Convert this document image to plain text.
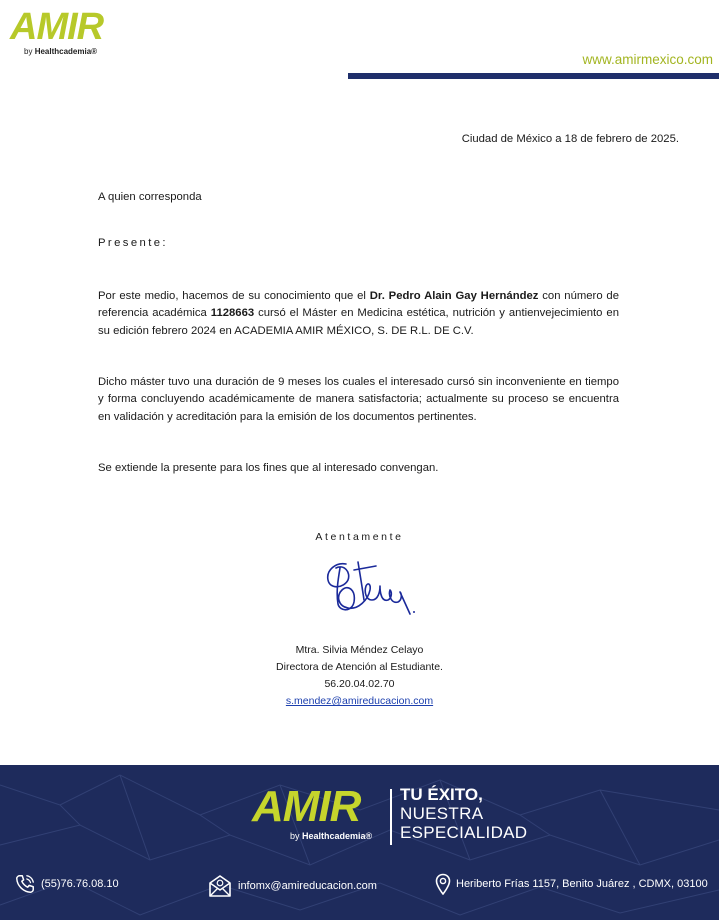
AMIR
by Healthcademia®
www.amirmexico.com
Ciudad de México a 18 de febrero de 2025.
A quien corresponda
Presente:
Por este medio, hacemos de su conocimiento que el Dr. Pedro Alain Gay Hernández con número de referencia académica 1128663 cursó el Máster en Medicina estética, nutrición y antienvejecimiento en su edición febrero 2024 en ACADEMIA AMIR MÉXICO, S. DE R.L. DE C.V.
Dicho máster tuvo una duración de 9 meses los cuales el interesado cursó sin inconveniente en tiempo y forma concluyendo académicamente de manera satisfactoria; actualmente su proceso se encuentra en validación y acreditación para la emisión de los documentos pertinentes.
Se extiende la presente para los fines que al interesado convengan.
Atentamente
Mtra. Silvia Méndez Celayo
Directora de Atención al Estudiante.
56.20.04.02.70
s.mendez@amireducacion.com
AMIR
by Healthcademia®
TU ÉXITO,
NUESTRA
ESPECIALIDAD
(55)76.76.08.10	infomx@amireducacion.com	Heriberto Frías 1157, Benito Juárez , CDMX, 03100
